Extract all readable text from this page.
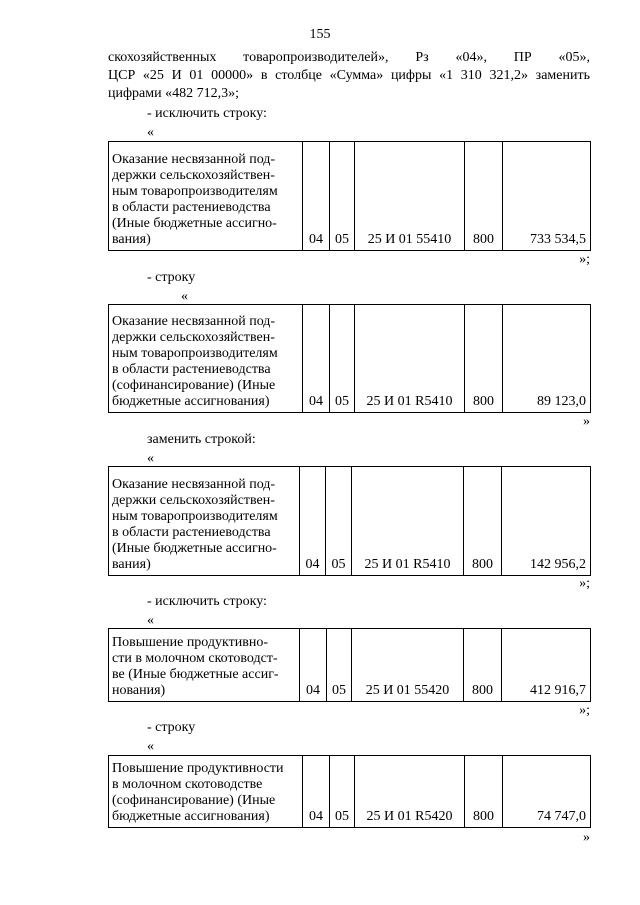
155
скохозяйственных товаропроизводителей», Рз «04», ПР «05»,
ЦСР «25 И 01 00000» в столбце «Сумма» цифры «1 310 321,2» заменить
цифрами «482 712,3»;
- исключить строку:
«
Оказание несвязанной под-
держки сельскохозяйствен-
ным товаропроизводителям
в области растениеводства
(Иные бюджетные ассигно-
вания)	04	05	25 И 01 55410	800	733 534,5
»;
- строку
«
Оказание несвязанной под-
держки сельскохозяйствен-
ным товаропроизводителям
в области растениеводства
(софинансирование) (Иные
бюджетные ассигнования)	04	05	25 И 01 R5410	800	89 123,0
»
заменить строкой:
«
Оказание несвязанной под-
держки сельскохозяйствен-
ным товаропроизводителям
в области растениеводства
(Иные бюджетные ассигно-
вания)	04	05	25 И 01 R5410	800	142 956,2
»;
- исключить строку:
«
Повышение продуктивно-
сти в молочном скотоводст-
ве (Иные бюджетные ассиг-
нования)	04	05	25 И 01 55420	800	412 916,7
»;
- строку
«
Повышение продуктивности
в молочном скотоводстве
(софинансирование) (Иные
бюджетные ассигнования)	04	05	25 И 01 R5420	800	74 747,0
»
